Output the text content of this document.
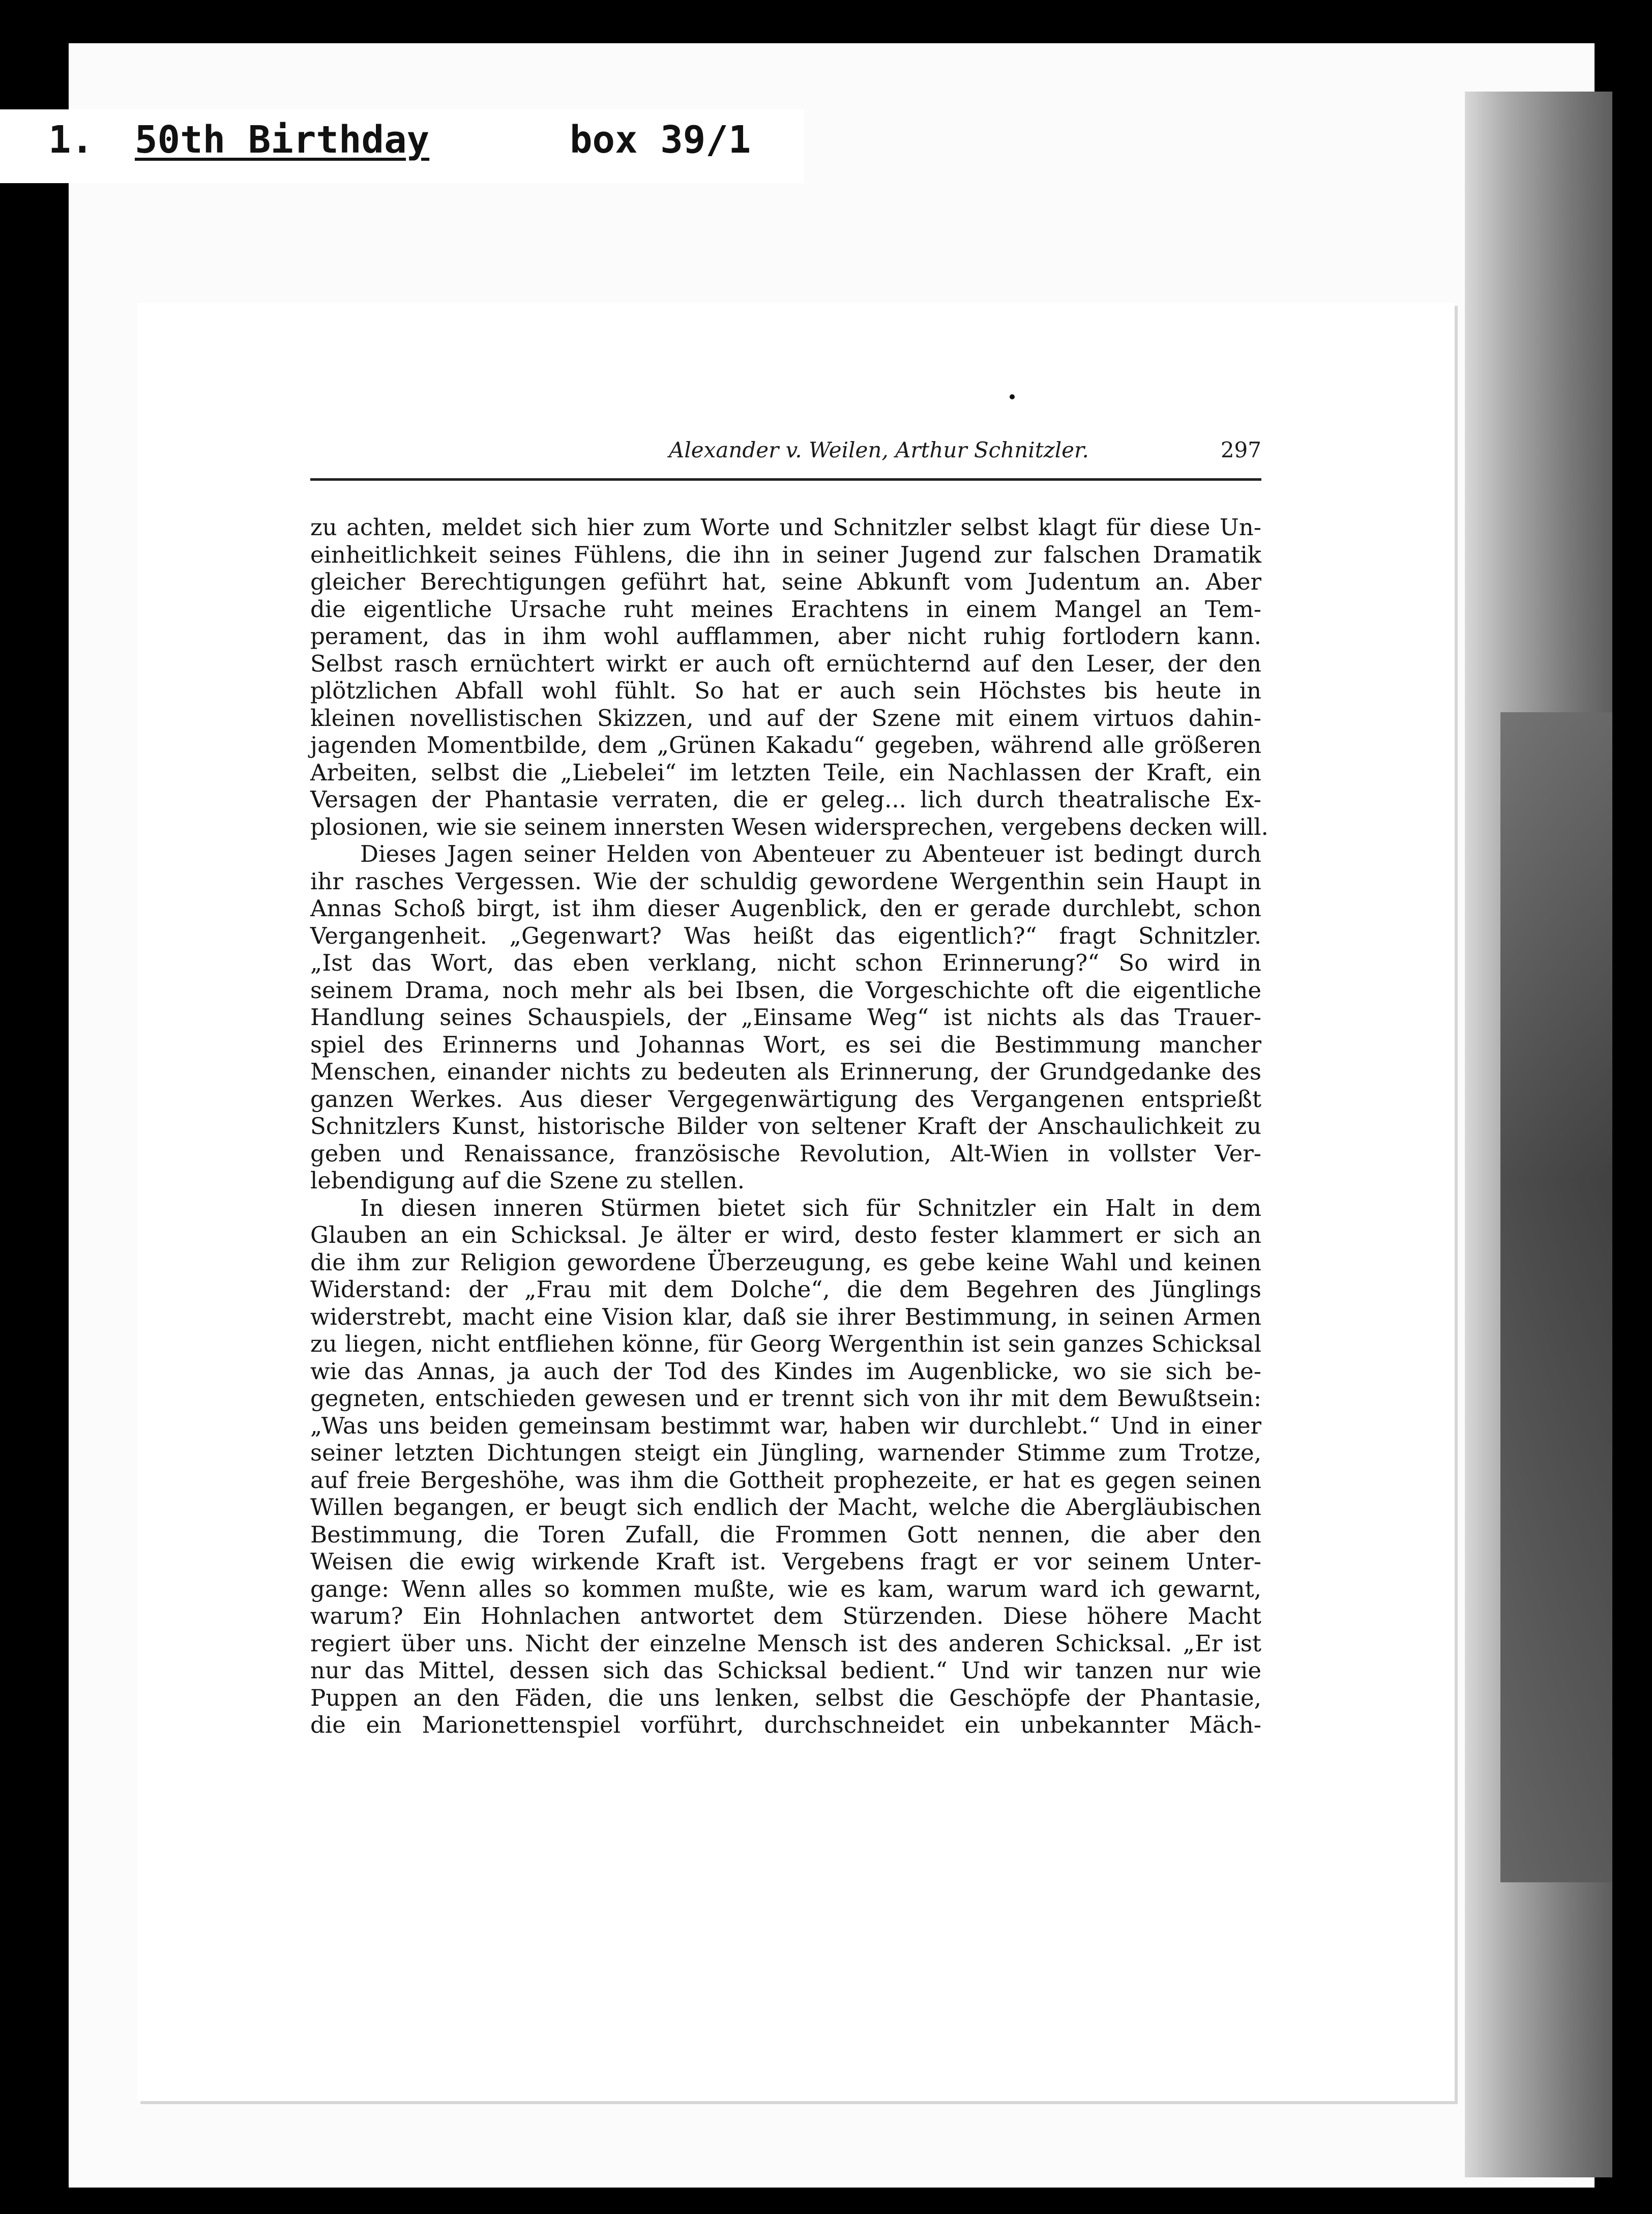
1. 50th Birthday	box 39/1
Alexander v. Weilen, Arthur Schnitzler.	297
zu achten, meldet sich hier zum Worte und Schnitzler selbst klagt für diese Un-
einheitlichkeit seines Fühlens, die ihn in seiner Jugend zur falschen Dramatik
gleicher Berechtigungen geführt hat, seine Abkunft vom Judentum an. Aber
die eigentliche Ursache ruht meines Erachtens in einem Mangel an Tem-
perament, das in ihm wohl aufflammen, aber nicht ruhig fortlodern kann.
Selbst rasch ernüchtert wirkt er auch oft ernüchternd auf den Leser, der den
plötzlichen Abfall wohl fühlt. So hat er auch sein Höchstes bis heute in
kleinen novellistischen Skizzen, und auf der Szene mit einem virtuos dahin-
jagenden Momentbilde, dem „Grünen Kakadu“ gegeben, während alle größeren
Arbeiten, selbst die „Liebelei“ im letzten Teile, ein Nachlassen der Kraft, ein
Versagen der Phantasie verraten, die er geleg... lich durch theatralische Ex-
plosionen, wie sie seinem innersten Wesen widersprechen, vergebens decken will.
Dieses Jagen seiner Helden von Abenteuer zu Abenteuer ist bedingt durch
ihr rasches Vergessen. Wie der schuldig gewordene Wergenthin sein Haupt in
Annas Schoß birgt, ist ihm dieser Augenblick, den er gerade durchlebt, schon
Vergangenheit. „Gegenwart? Was heißt das eigentlich?“ fragt Schnitzler.
„Ist das Wort, das eben verklang, nicht schon Erinnerung?“ So wird in
seinem Drama, noch mehr als bei Ibsen, die Vorgeschichte oft die eigentliche
Handlung seines Schauspiels, der „Einsame Weg“ ist nichts als das Trauer-
spiel des Erinnerns und Johannas Wort, es sei die Bestimmung mancher
Menschen, einander nichts zu bedeuten als Erinnerung, der Grundgedanke des
ganzen Werkes. Aus dieser Vergegenwärtigung des Vergangenen entsprießt
Schnitzlers Kunst, historische Bilder von seltener Kraft der Anschaulichkeit zu
geben und Renaissance, französische Revolution, Alt-Wien in vollster Ver-
lebendigung auf die Szene zu stellen.
In diesen inneren Stürmen bietet sich für Schnitzler ein Halt in dem
Glauben an ein Schicksal. Je älter er wird, desto fester klammert er sich an
die ihm zur Religion gewordene Überzeugung, es gebe keine Wahl und keinen
Widerstand: der „Frau mit dem Dolche“, die dem Begehren des Jünglings
widerstrebt, macht eine Vision klar, daß sie ihrer Bestimmung, in seinen Armen
zu liegen, nicht entfliehen könne, für Georg Wergenthin ist sein ganzes Schicksal
wie das Annas, ja auch der Tod des Kindes im Augenblicke, wo sie sich be-
gegneten, entschieden gewesen und er trennt sich von ihr mit dem Bewußtsein:
„Was uns beiden gemeinsam bestimmt war, haben wir durchlebt.“ Und in einer
seiner letzten Dichtungen steigt ein Jüngling, warnender Stimme zum Trotze,
auf freie Bergeshöhe, was ihm die Gottheit prophezeite, er hat es gegen seinen
Willen begangen, er beugt sich endlich der Macht, welche die Abergläubischen
Bestimmung, die Toren Zufall, die Frommen Gott nennen, die aber den
Weisen die ewig wirkende Kraft ist. Vergebens fragt er vor seinem Unter-
gange: Wenn alles so kommen mußte, wie es kam, warum ward ich gewarnt,
warum? Ein Hohnlachen antwortet dem Stürzenden. Diese höhere Macht
regiert über uns. Nicht der einzelne Mensch ist des anderen Schicksal. „Er ist
nur das Mittel, dessen sich das Schicksal bedient.“ Und wir tanzen nur wie
Puppen an den Fäden, die uns lenken, selbst die Geschöpfe der Phantasie,
die ein Marionettenspiel vorführt, durchschneidet ein unbekannter Mäch-
